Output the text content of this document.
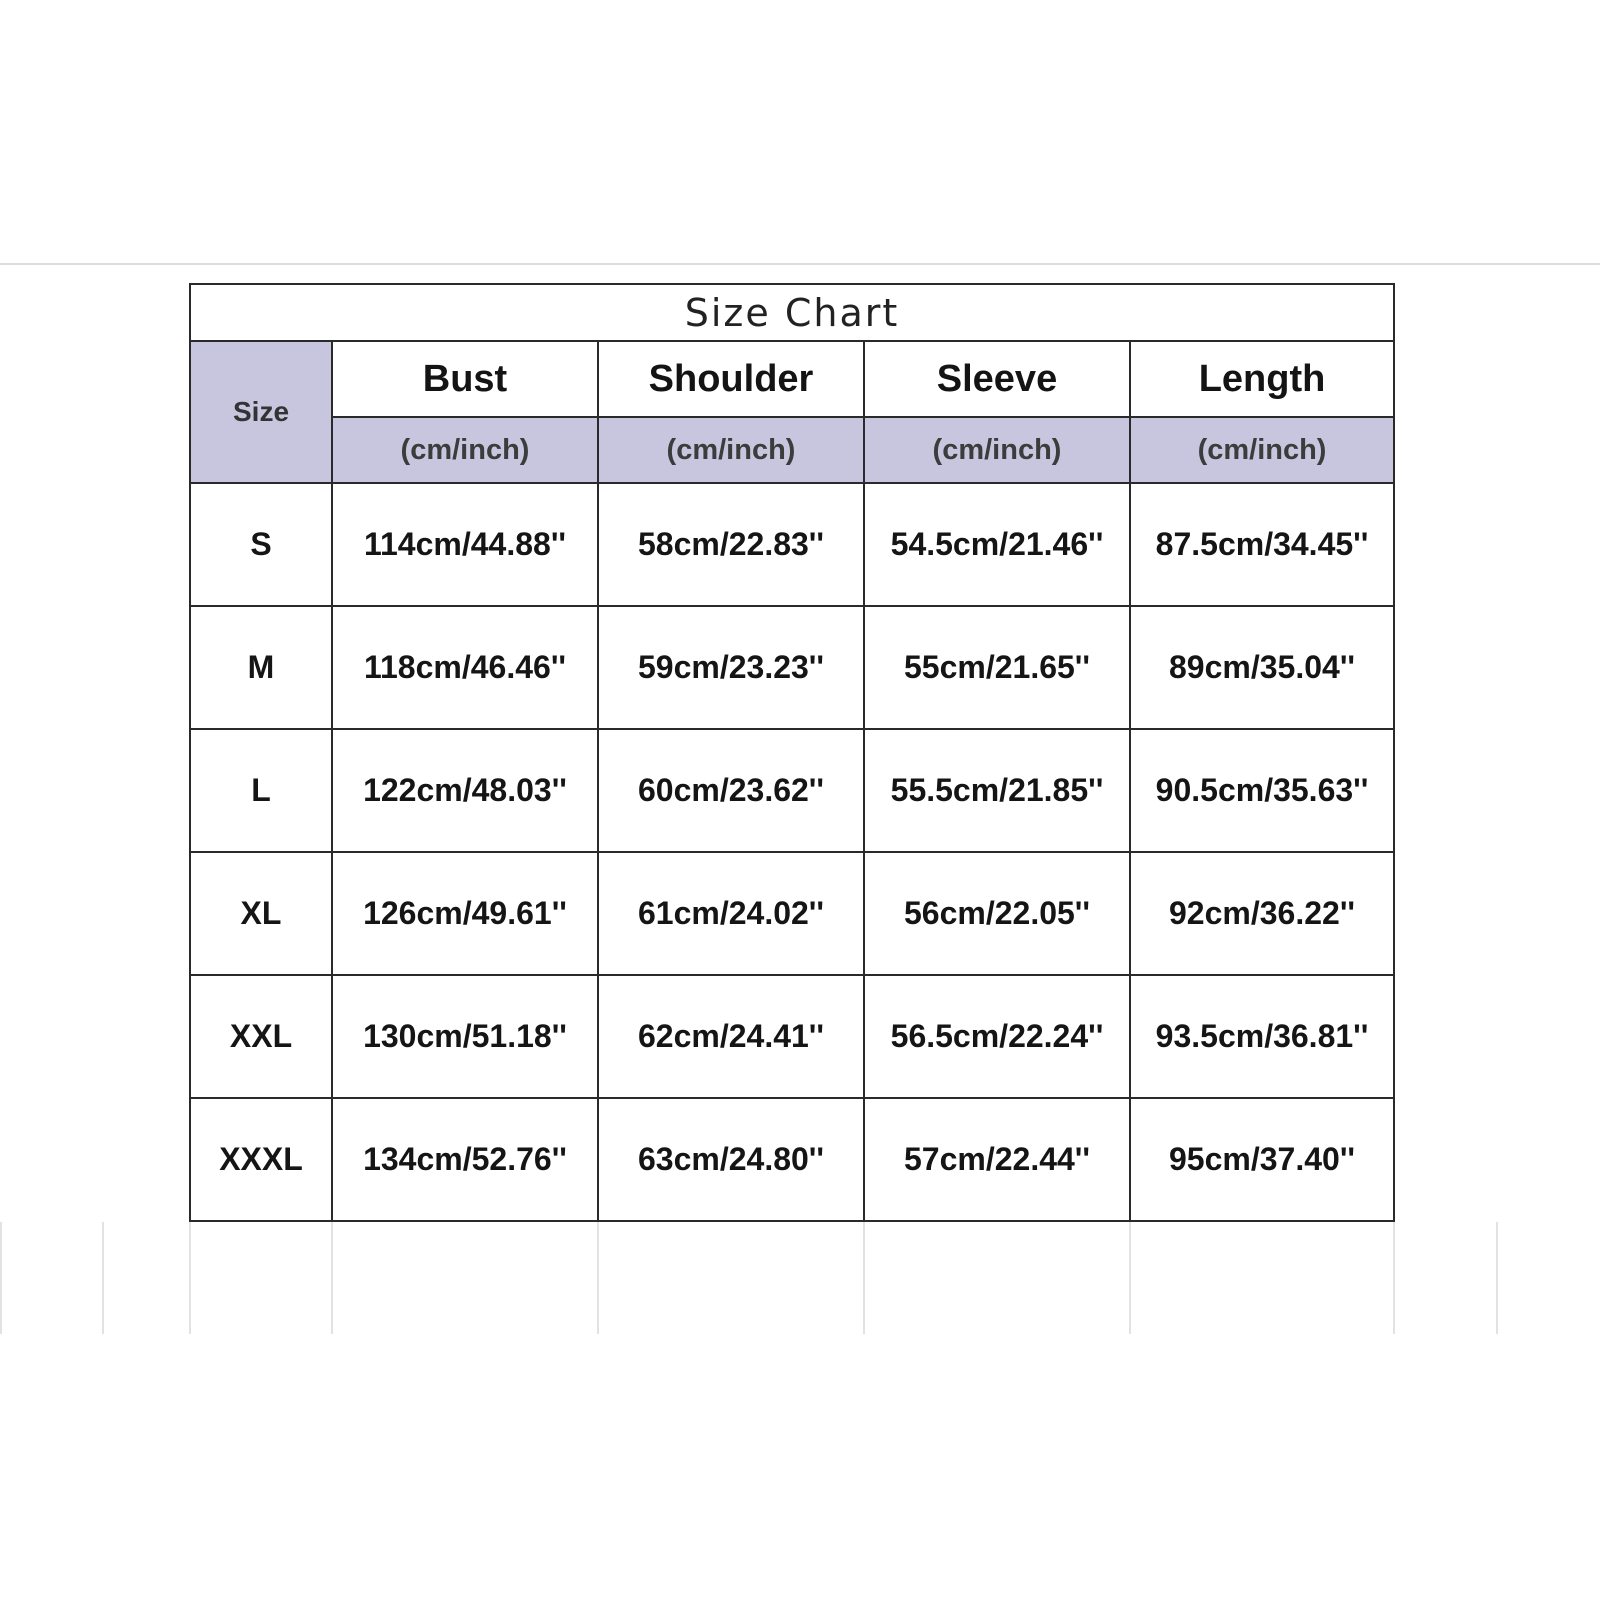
Size Chart				
Size	Bust	Shoulder	Sleeve	Length
	(cm/inch)	(cm/inch)	(cm/inch)	(cm/inch)
S	114cm/44.88''	58cm/22.83''	54.5cm/21.46''	87.5cm/34.45''
M	118cm/46.46''	59cm/23.23''	55cm/21.65''	89cm/35.04''
L	122cm/48.03''	60cm/23.62''	55.5cm/21.85''	90.5cm/35.63''
XL	126cm/49.61''	61cm/24.02''	56cm/22.05''	92cm/36.22''
XXL	130cm/51.18''	62cm/24.41''	56.5cm/22.24''	93.5cm/36.81''
XXXL	134cm/52.76''	63cm/24.80''	57cm/22.44''	95cm/37.40''
